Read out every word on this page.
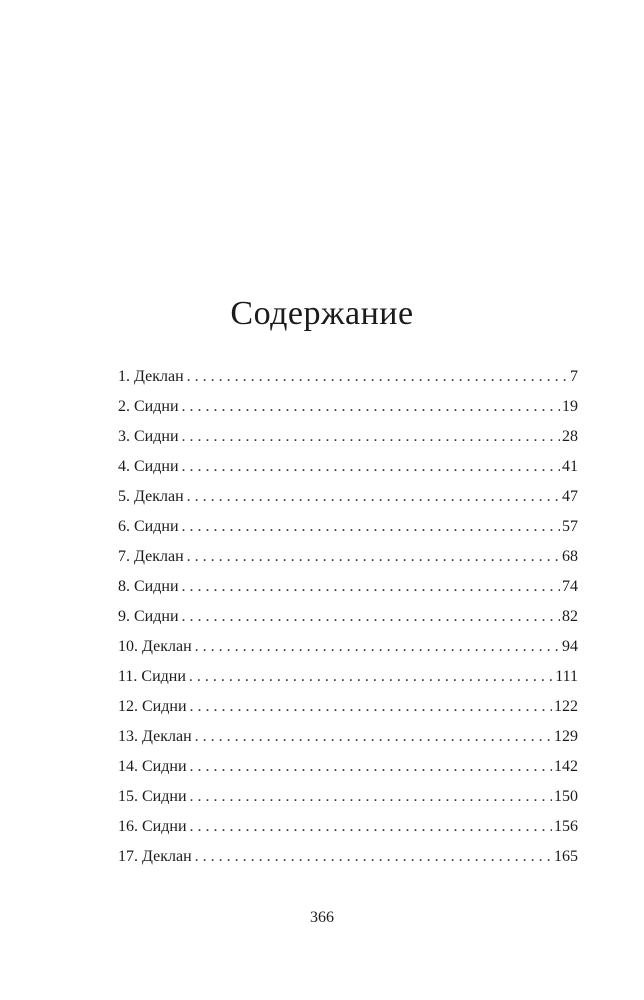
Содержание
1. Деклан . . .	7
2. Сидни . . .	19
3. Сидни . . .	28
4. Сидни . . .	41
5. Деклан . . .	47
6. Сидни . . .	57
7. Деклан . . .	68
8. Сидни . . .	74
9. Сидни . . .	82
10. Деклан . . .	94
11. Сидни . . .	111
12. Сидни . . .	122
13. Деклан . . .	129
14. Сидни . . .	142
15. Сидни . . .	150
16. Сидни . . .	156
17. Деклан . . .	165
366
